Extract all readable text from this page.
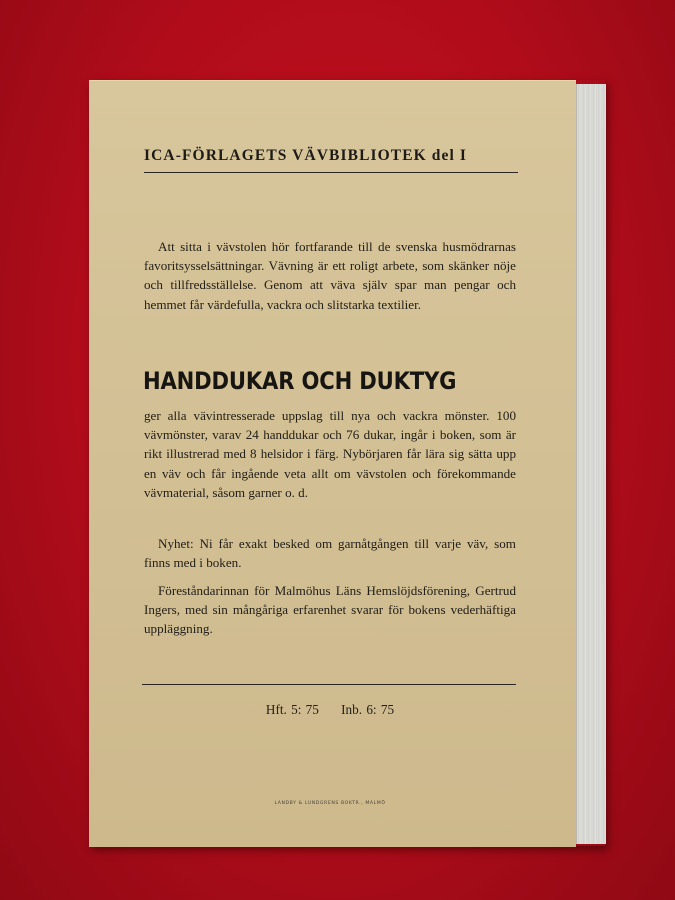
ICA-FÖRLAGETS VÄVBIBLIOTEK del I
Att sitta i vävstolen hör fortfarande till de svenska husmödrarnas favoritsysselsättningar. Vävning är ett roligt arbete, som skänker nöje och tillfredsställelse. Genom att väva själv spar man pengar och hemmet får värdefulla, vackra och slitstarka textilier.
HANDDUKAR OCH DUKTYG
ger alla vävintresserade uppslag till nya och vackra mönster. 100 vävmönster, varav 24 handdukar och 76 dukar, ingår i boken, som är rikt illustrerad med 8 helsidor i färg. Nybörjaren får lära sig sätta upp en väv och får ingående veta allt om vävstolen och förekommande vävmaterial, såsom garner o. d.
Nyhet: Ni får exakt besked om garnåtgången till varje väv, som finns med i boken.
Föreståndarinnan för Malmöhus Läns Hemslöjdsförening, Gertrud Ingers, med sin mångåriga erfarenhet svarar för bokens vederhäftiga uppläggning.
Hft. 5: 75 Inb. 6: 75
LANDBY & LUNDGRENS BOKTR., MALMÖ
